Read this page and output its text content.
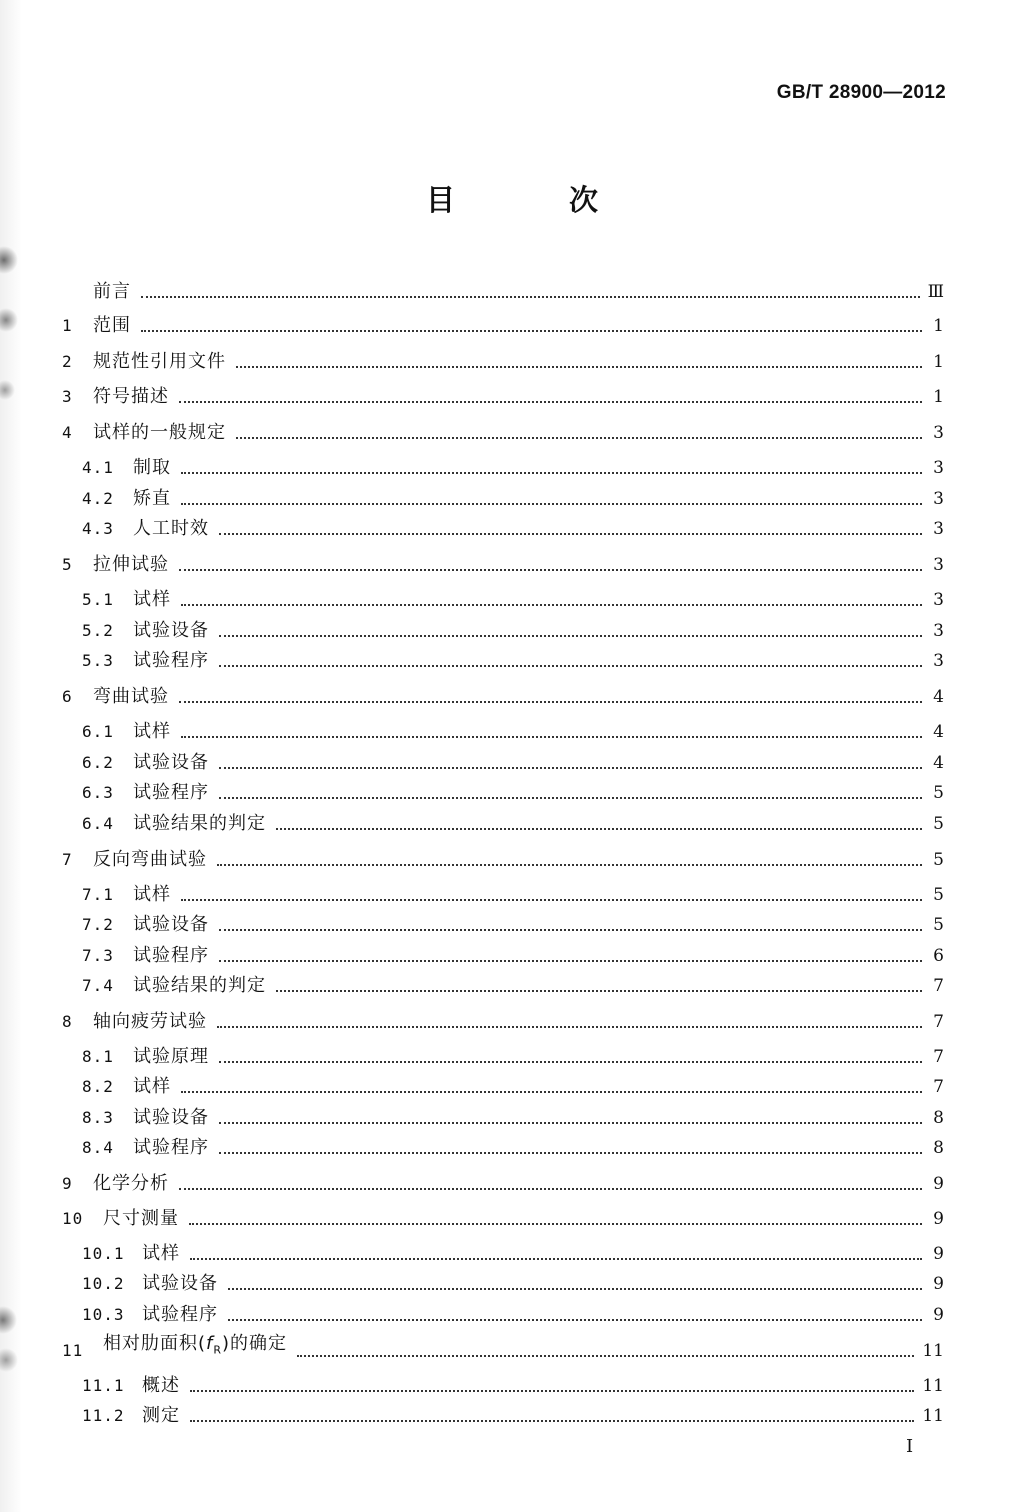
GB/T 28900—2012
目 次
前言	Ⅲ
1	范围	1
2	规范性引用文件	1
3	符号描述	1
4	试样的一般规定	3
4.1	制取	3
4.2	矫直	3
4.3	人工时效	3
5	拉伸试验	3
5.1	试样	3
5.2	试验设备	3
5.3	试验程序	3
6	弯曲试验	4
6.1	试样	4
6.2	试验设备	4
6.3	试验程序	5
6.4	试验结果的判定	5
7	反向弯曲试验	5
7.1	试样	5
7.2	试验设备	5
7.3	试验程序	6
7.4	试验结果的判定	7
8	轴向疲劳试验	7
8.1	试验原理	7
8.2	试样	7
8.3	试验设备	8
8.4	试验程序	8
9	化学分析	9
10	尺寸测量	9
10.1 试样	9
10.2 试验设备	9
10.3 试验程序	9
11	相对肋面积$(f_R)$的确定	11
11.1 概述	11
11.2 测定	11
I
